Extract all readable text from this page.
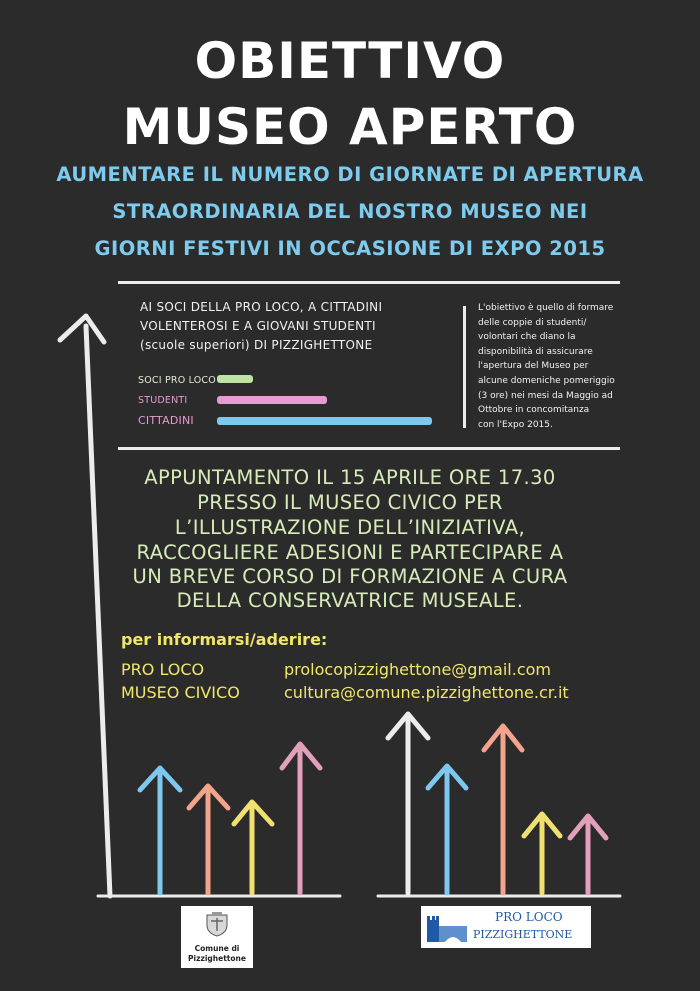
OBIETTIVO
MUSEO APERTO
AUMENTARE IL NUMERO DI GIORNATE DI APERTURA
STRAORDINARIA DEL NOSTRO MUSEO NEI
GIORNI FESTIVI IN OCCASIONE DI EXPO 2015
AI SOCI DELLA PRO LOCO, A CITTADINI
VOLENTEROSI E A GIOVANI STUDENTI
(scuole superiori) DI PIZZIGHETTONE
SOCI PRO LOCO
STUDENTI
CITTADINI
L'obiettivo è quello di formare
delle coppie di studenti/
volontari che diano la
disponibilità di assicurare
l'apertura del Museo per
alcune domeniche pomeriggio
(3 ore) nei mesi da Maggio ad
Ottobre in concomitanza
con l'Expo 2015.
APPUNTAMENTO IL 15 APRILE ORE 17.30
PRESSO IL MUSEO CIVICO PER
L’ILLUSTRAZIONE DELL’INIZIATIVA,
RACCOGLIERE ADESIONI E PARTECIPARE A
UN BREVE CORSO DI FORMAZIONE A CURA
DELLA CONSERVATRICE MUSEALE.
per informarsi/aderire:
PRO LOCO	prolocopizzighettone@gmail.com
MUSEO CIVICO	cultura@comune.pizzighettone.cr.it
Comune di
Pizzighettone
PRO LOCO
PIZZIGHETTONE
